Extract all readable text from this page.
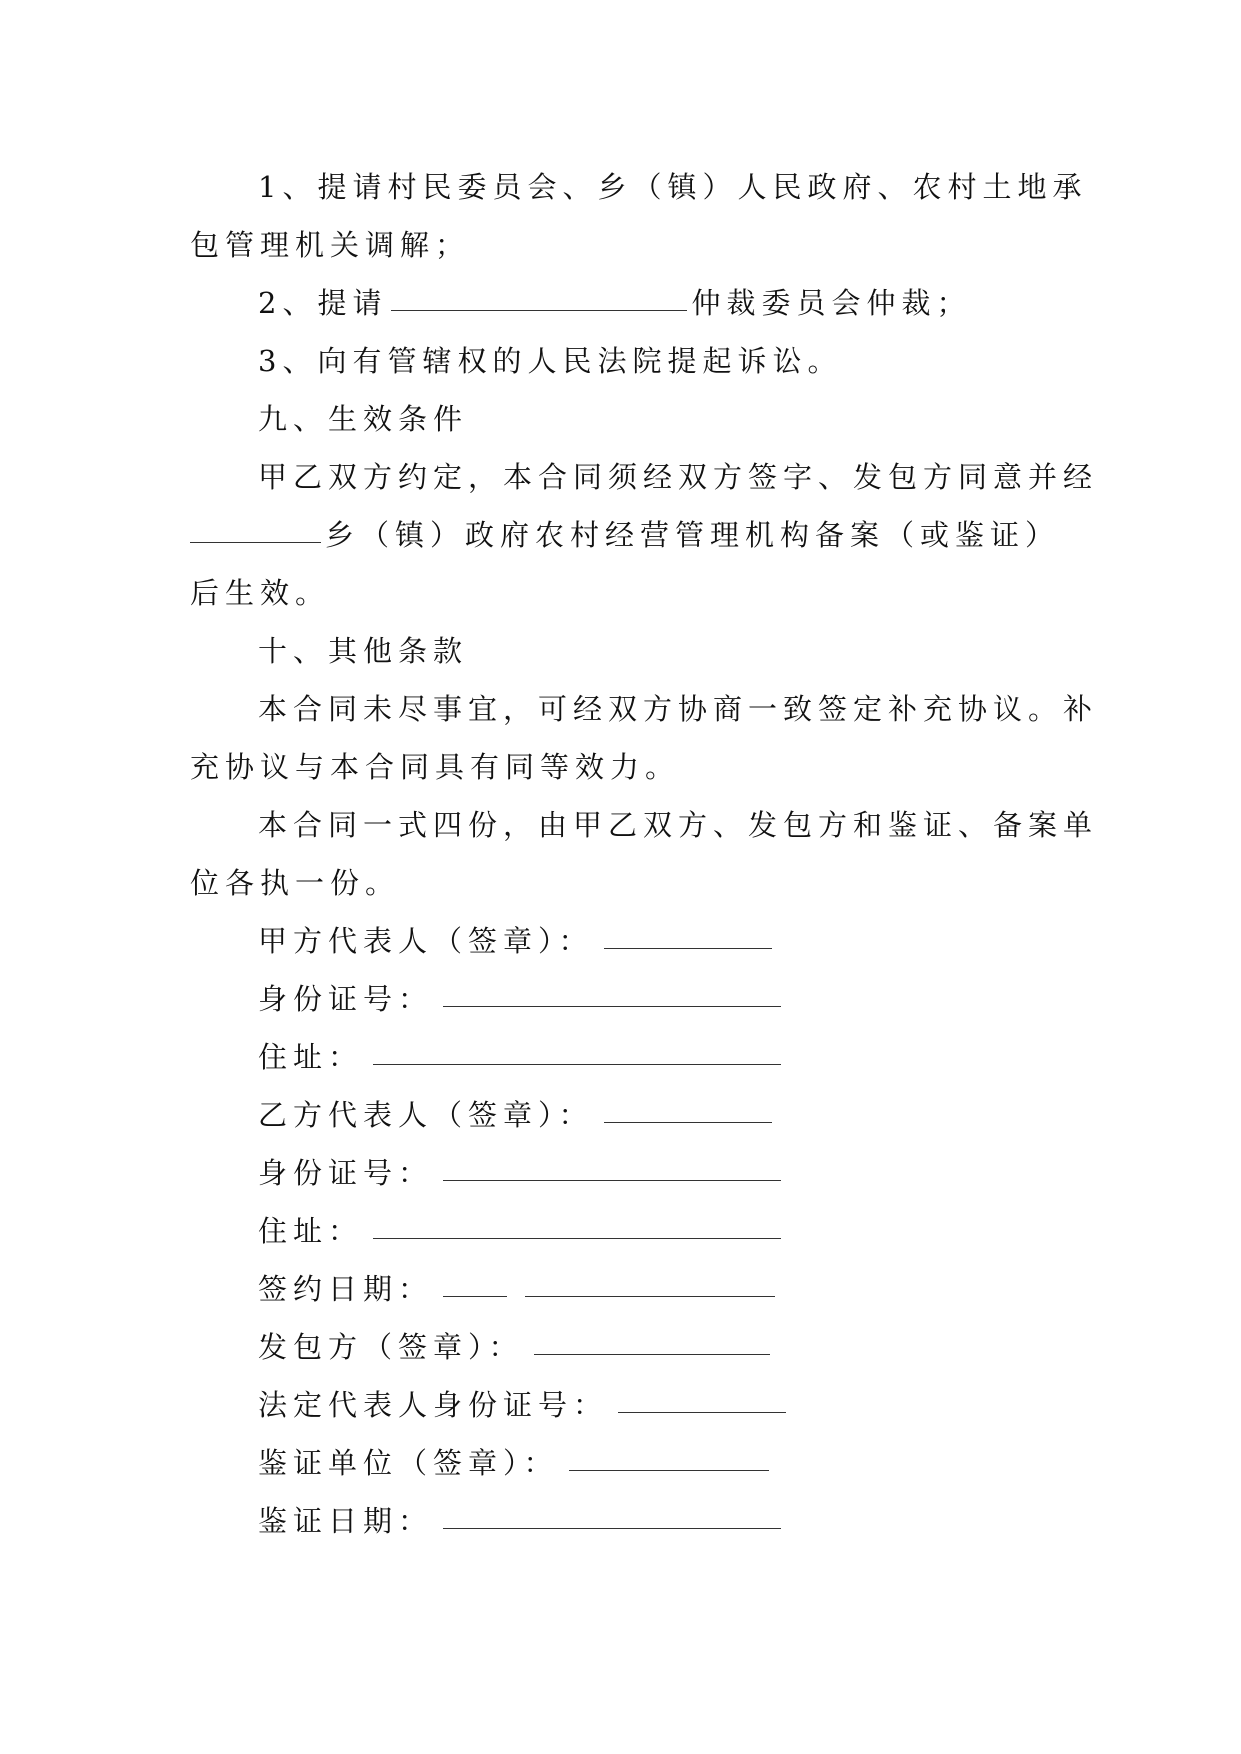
1、提请村民委员会、乡（镇）人民政府、农村土地承
包管理机关调解；
2、提请	仲裁委员会仲裁；
3、向有管辖权的人民法院提起诉讼。
九、生效条件
甲乙双方约定，本合同须经双方签字、发包方同意并经
乡（镇）政府农村经营管理机构备案（或鉴证）
后生效。
十、其他条款
本合同未尽事宜，可经双方协商一致签定补充协议。补
充协议与本合同具有同等效力。
本合同一式四份，由甲乙双方、发包方和鉴证、备案单
位各执一份。
甲方代表人（签章）：
身份证号：
住址：
乙方代表人（签章）：
身份证号：
住址：
签约日期：
发包方（签章）：
法定代表人身份证号：
鉴证单位（签章）：
鉴证日期：
